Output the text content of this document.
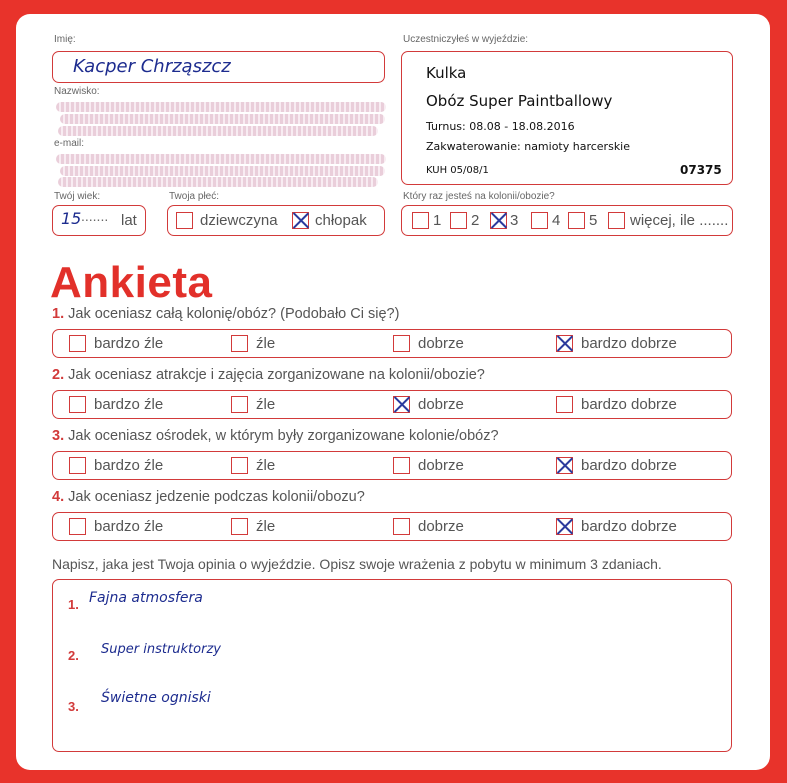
Imię:
Kacper Chrząszcz
Nazwisko:
e-mail:
Twój wiek:
15 ....... lat
Twoja płeć:
dziewczyna chłopak
Uczestniczyłeś w wyjeździe:
Kulka
Obóz Super Paintballowy
Turnus: 08.08 - 18.08.2016
Zakwaterowanie: namioty harcerskie
KUH 05/08/1	07375
Który raz jesteś na kolonii/obozie?
1 2 3 4 5 więcej, ile .......
Ankieta
1. Jak oceniasz całą kolonię/obóz? (Podobało Ci się?)
bardzo źle	źle	dobrze	bardzo dobrze
2. Jak oceniasz atrakcje i zajęcia zorganizowane na kolonii/obozie?
bardzo źle	źle	dobrze	bardzo dobrze
3. Jak oceniasz ośrodek, w którym były zorganizowane kolonie/obóz?
bardzo źle	źle	dobrze	bardzo dobrze
4. Jak oceniasz jedzenie podczas kolonii/obozu?
bardzo źle	źle	dobrze	bardzo dobrze
Napisz, jaka jest Twoja opinia o wyjeździe. Opisz swoje wrażenia z pobytu w minimum 3 zdaniach.
1. Fajna atmosfera
2. Super instruktorzy
3.
Świetne ogniski
